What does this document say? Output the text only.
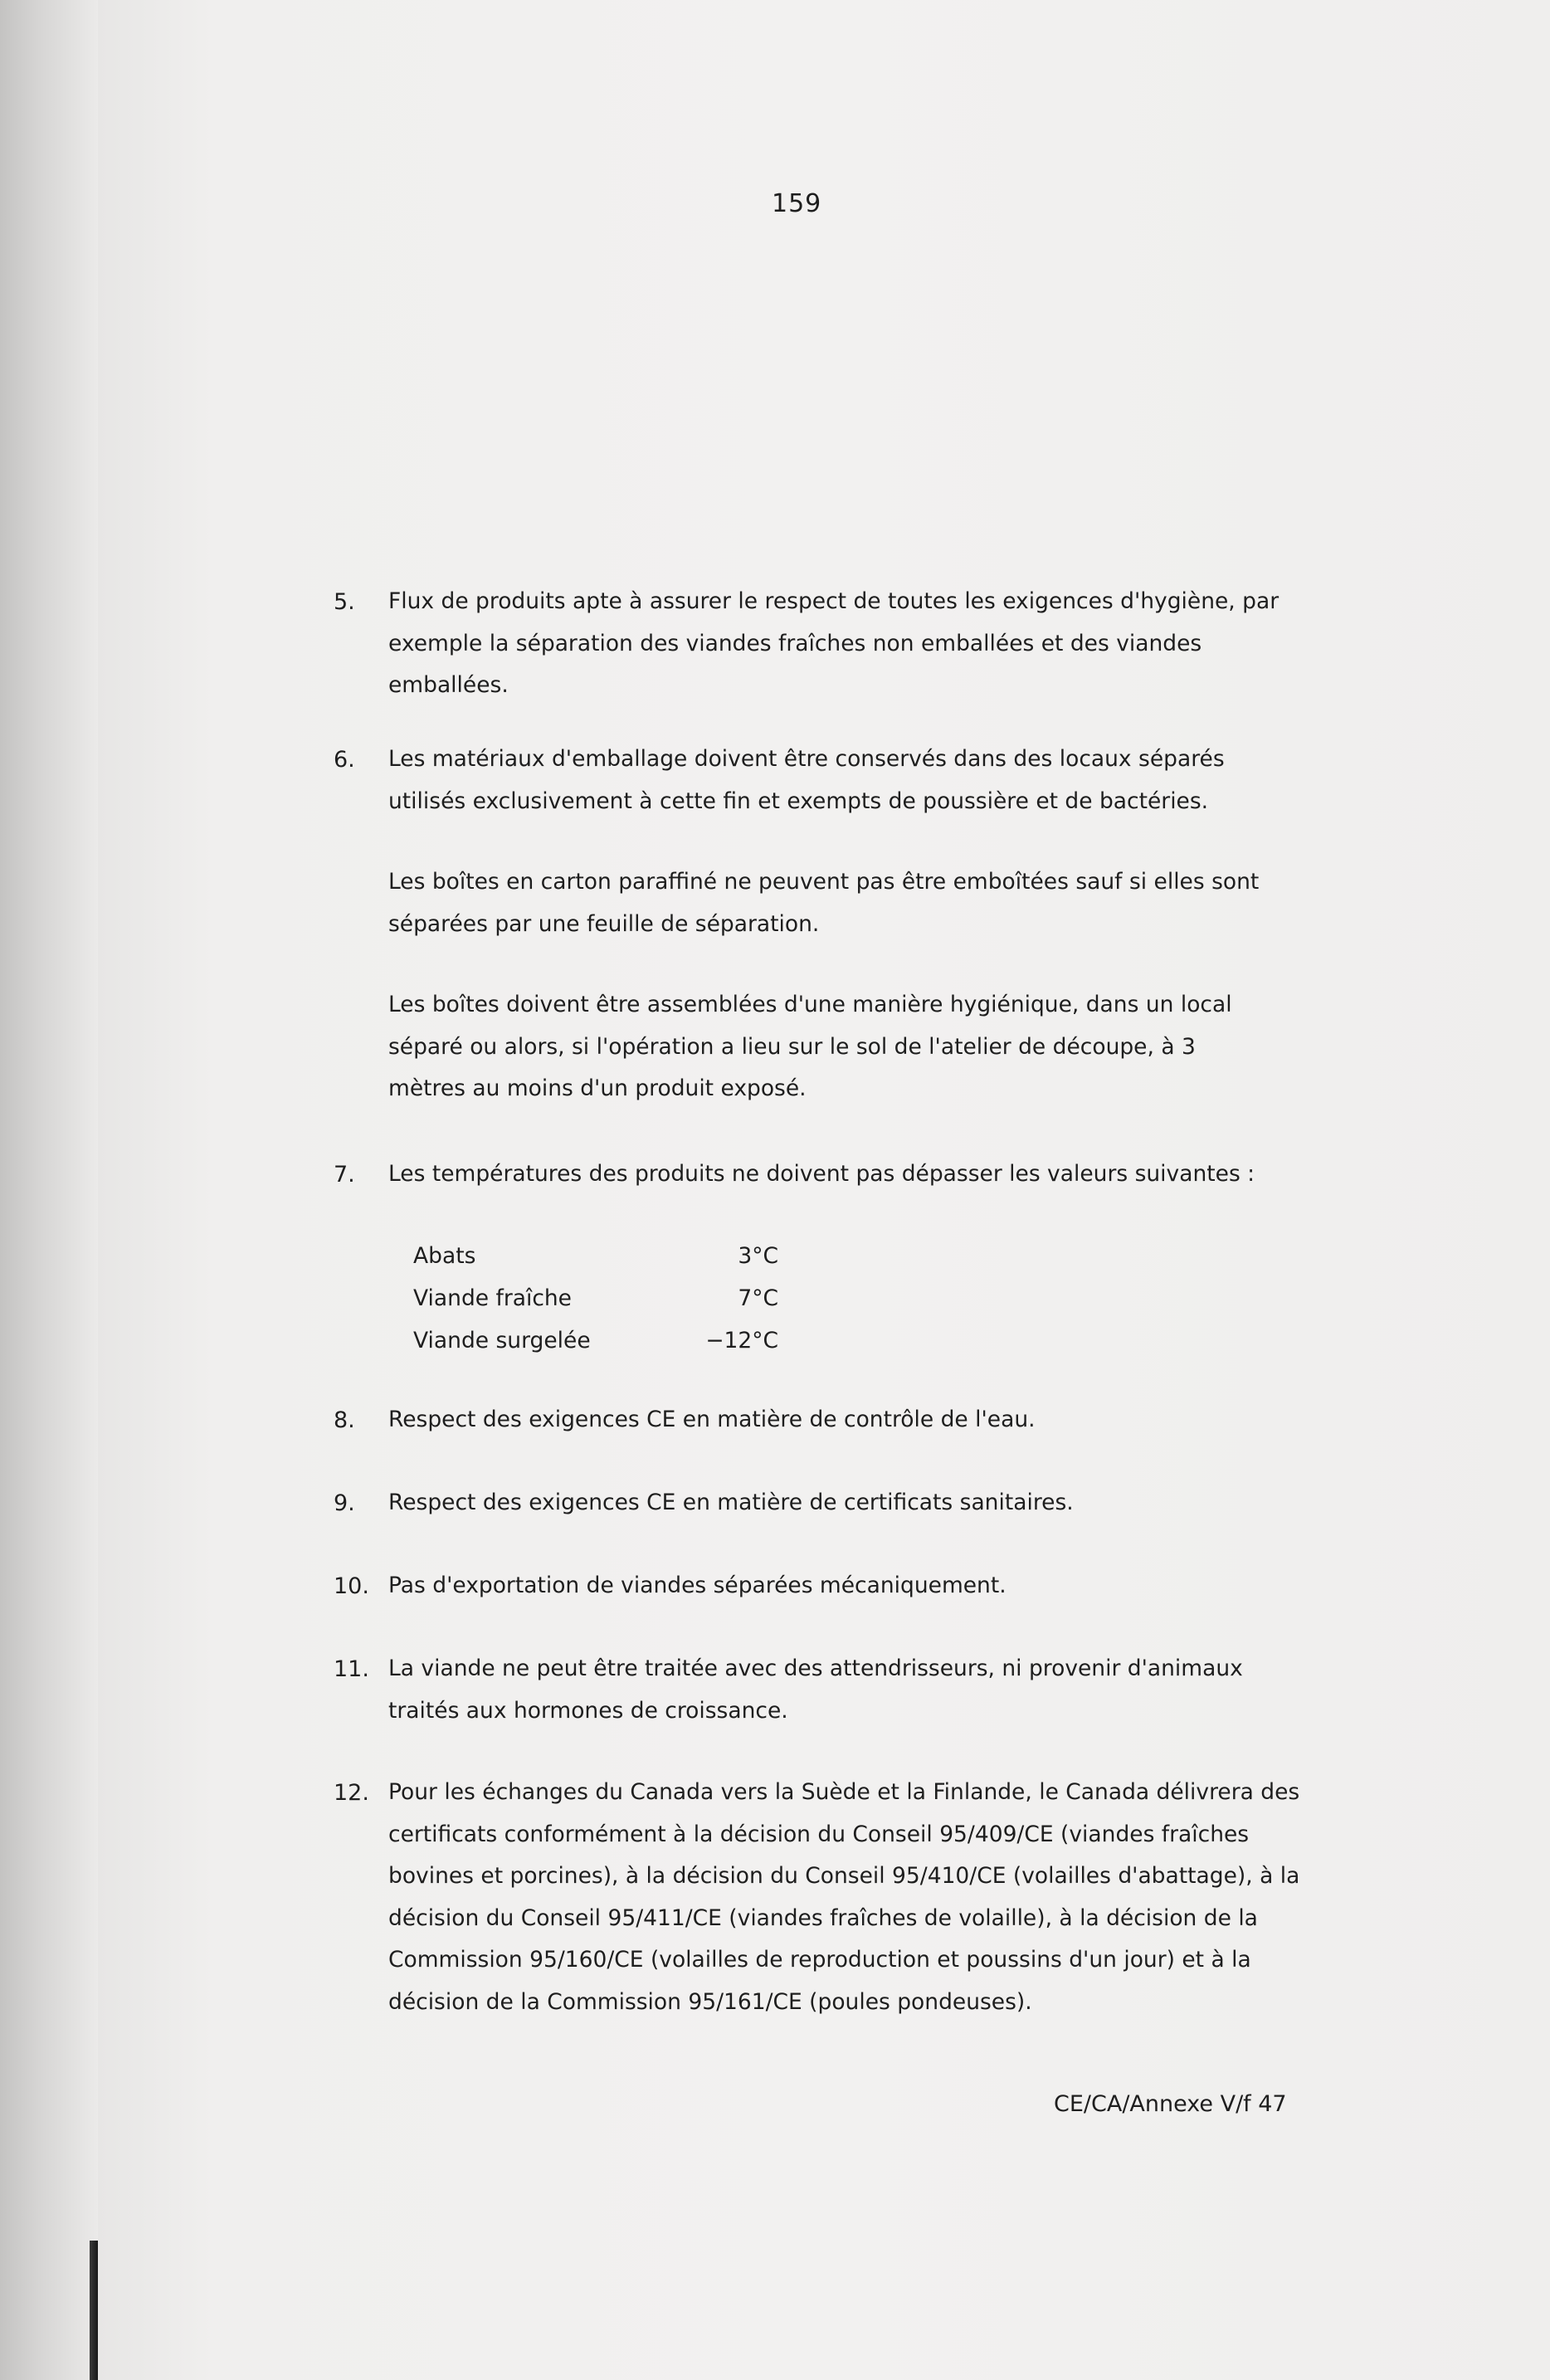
159
5.	Flux de produits apte à assurer le respect de toutes les exigences d'hygiène, par exemple la séparation des viandes fraîches non emballées et des viandes emballées.

6.	Les matériaux d'emballage doivent être conservés dans des locaux séparés utilisés exclusivement à cette fin et exempts de poussière et de bactéries.

Les boîtes en carton paraffiné ne peuvent pas être emboîtées sauf si elles sont séparées par une feuille de séparation.

Les boîtes doivent être assemblées d'une manière hygiénique, dans un local séparé ou alors, si l'opération a lieu sur le sol de l'atelier de découpe, à 3 mètres au moins d'un produit exposé.

7.	Les températures des produits ne doivent pas dépasser les valeurs suivantes :

Abats	3°C
Viande fraîche	7°C
Viande surgelée	−12°C
8.	Respect des exigences CE en matière de contrôle de l'eau.

9.	Respect des exigences CE en matière de certificats sanitaires.

10. Pas d'exportation de viandes séparées mécaniquement.

11. La viande ne peut être traitée avec des attendrisseurs, ni provenir d'animaux traités aux hormones de croissance.

12. Pour les échanges du Canada vers la Suède et la Finlande, le Canada délivrera des certificats conformément à la décision du Conseil 95/409/CE (viandes fraîches bovines et porcines), à la décision du Conseil 95/410/CE (volailles d'abattage), à la décision du Conseil 95/411/CE (viandes fraîches de volaille), à la décision de la Commission 95/160/CE (volailles de reproduction et poussins d'un jour) et à la décision de la Commission 95/161/CE (poules pondeuses).

CE/CA/Annexe V/f 47
